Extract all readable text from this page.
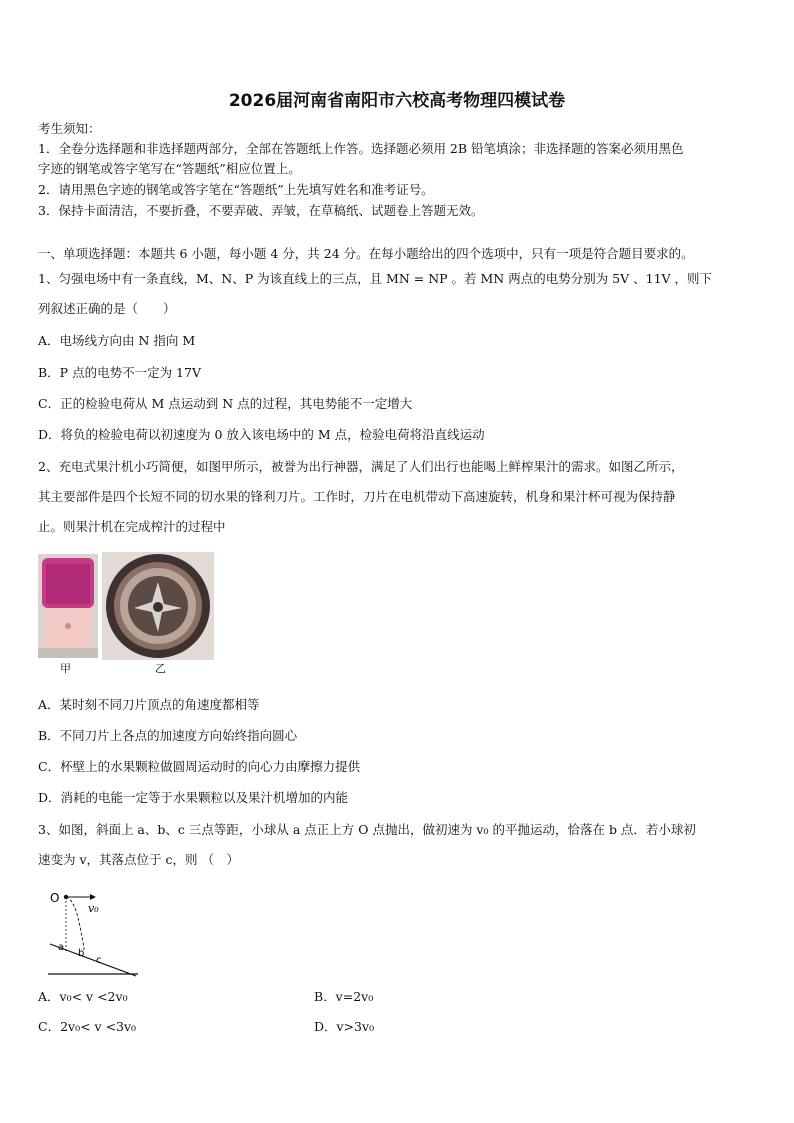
2026届河南省南阳市六校高考物理四模试卷
考生须知：
1．全卷分选择题和非选择题两部分，全部在答题纸上作答。选择题必须用 2B 铅笔填涂；非选择题的答案必须用黑色
字迹的钢笔或答字笔写在“答题纸”相应位置上。
2．请用黑色字迹的钢笔或答字笔在“答题纸”上先填写姓名和准考证号。
3．保持卡面清洁，不要折叠，不要弄破、弄皱，在草稿纸、试题卷上答题无效。
一、单项选择题：本题共 6 小题，每小题 4 分，共 24 分。在每小题给出的四个选项中，只有一项是符合题目要求的。
1、匀强电场中有一条直线，M、N、P 为该直线上的三点，且 MN = NP 。若 MN 两点的电势分别为 5V 、11V ，则下
列叙述正确的是（　　）
A．电场线方向由 N 指向 M
B．P 点的电势不一定为 17V
C．正的检验电荷从 M 点运动到 N 点的过程，其电势能不一定增大
D．将负的检验电荷以初速度为 0 放入该电场中的 M 点，检验电荷将沿直线运动
2、充电式果汁机小巧简便，如图甲所示，被誉为出行神器，满足了人们出行也能喝上鲜榨果汁的需求。如图乙所示，
其主要部件是四个长短不同的切水果的锋利刀片。工作时，刀片在电机带动下高速旋转，机身和果汁杯可视为保持静
止。则果汁机在完成榨汁的过程中
甲	乙
A．某时刻不同刀片顶点的角速度都相等
B．不同刀片上各点的加速度方向始终指向圆心
C．杯壁上的水果颗粒做圆周运动时的向心力由摩擦力提供
D．消耗的电能一定等于水果颗粒以及果汁机增加的内能
3、如图，斜面上 a、b、c 三点等距，小球从 a 点正上方 O 点抛出，做初速为 v₀ 的平抛运动，恰落在 b 点．若小球初
速变为 v，其落点位于 c，则 （　）
O
v₀
a
b
c
A．v₀< v <2v₀	B．v=2v₀
C．2v₀< v <3v₀	D．v>3v₀
